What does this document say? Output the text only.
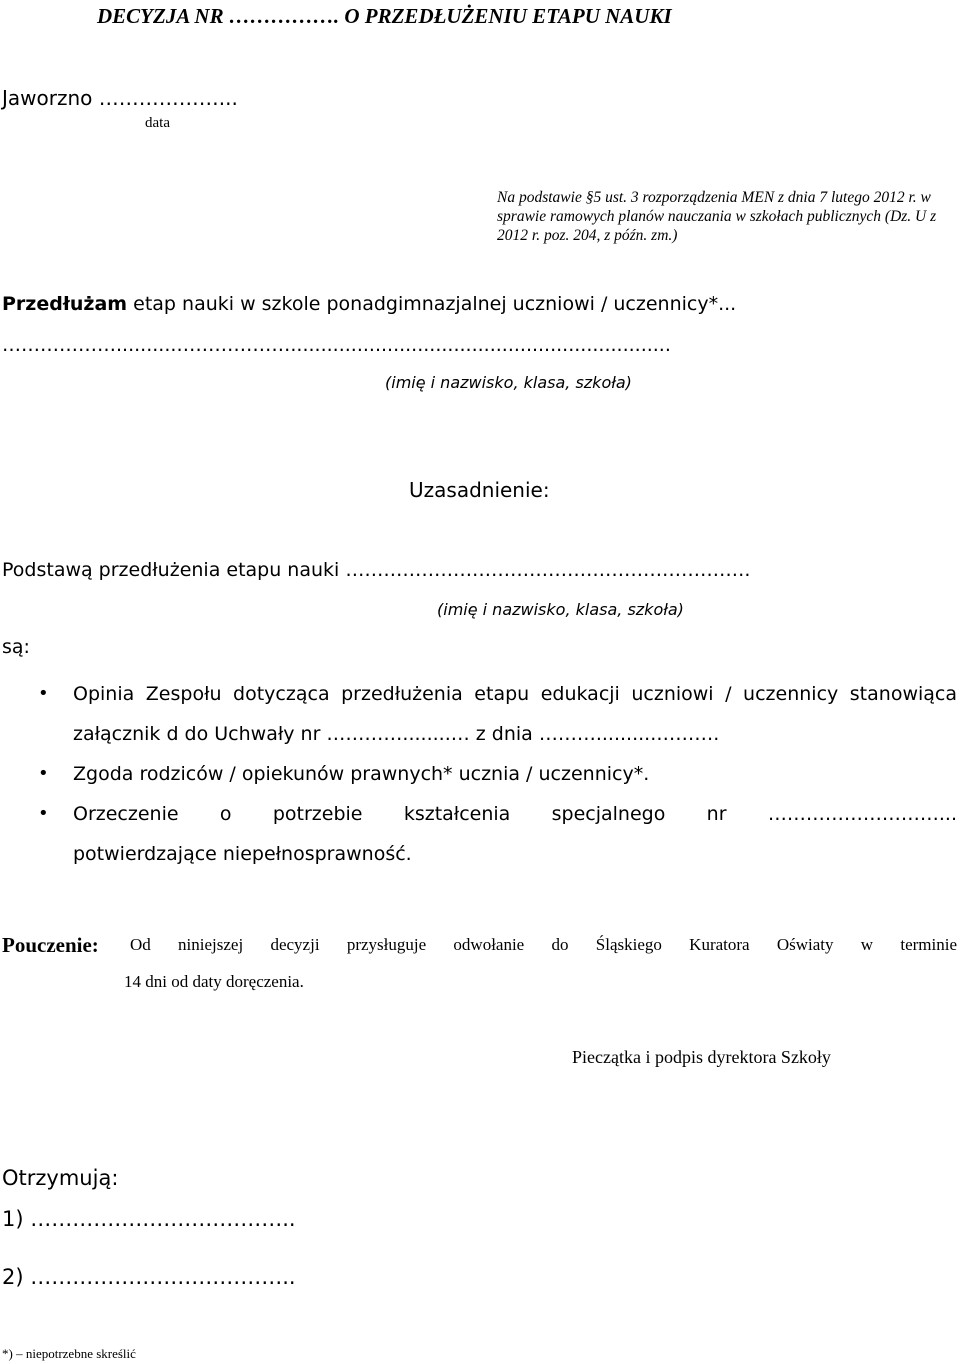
DECYZJA NR ……………. O PRZEDŁUŻENIU ETAPU NAUKI
Jaworzno ………………...
data

Na podstawie §5 ust. 3 rozporządzenia MEN z dnia 7 lutego 2012 r. w sprawie ramowych planów nauczania w szkołach publicznych (Dz. U z 2012 r. poz. 204, z późn. zm.)

Przedłużam etap nauki w szkole ponadgimnazjalnej uczniowi / uczennicy*...
………………..........………………...............................................................
(imię i nazwisko, klasa, szkoła)
Uzasadnienie:
Podstawą przedłużenia etapu nauki ……………………………………………………….
(imię i nazwisko, klasa, szkoła)
są:
• Opinia Zespołu dotycząca przedłużenia etapu edukacji uczniowi / uczennicy stanowiąca
załącznik d do Uchwały nr …………........… z dnia ………..........……….
• Zgoda rodziców / opiekunów prawnych* ucznia / uczennicy*.
• Orzeczenie o potrzebie kształcenia specjalnego nr ………………………...
potwierdzające niepełnosprawność.
Pouczenie: Od niniejszej decyzji przysługuje odwołanie do Śląskiego Kuratora Oświaty w terminie
14 dni od daty doręczenia.
Pieczątka i podpis dyrektora Szkoły
Otrzymują:
1) ………………………………..
2) ………………………………..
*) – niepotrzebne skreślić
